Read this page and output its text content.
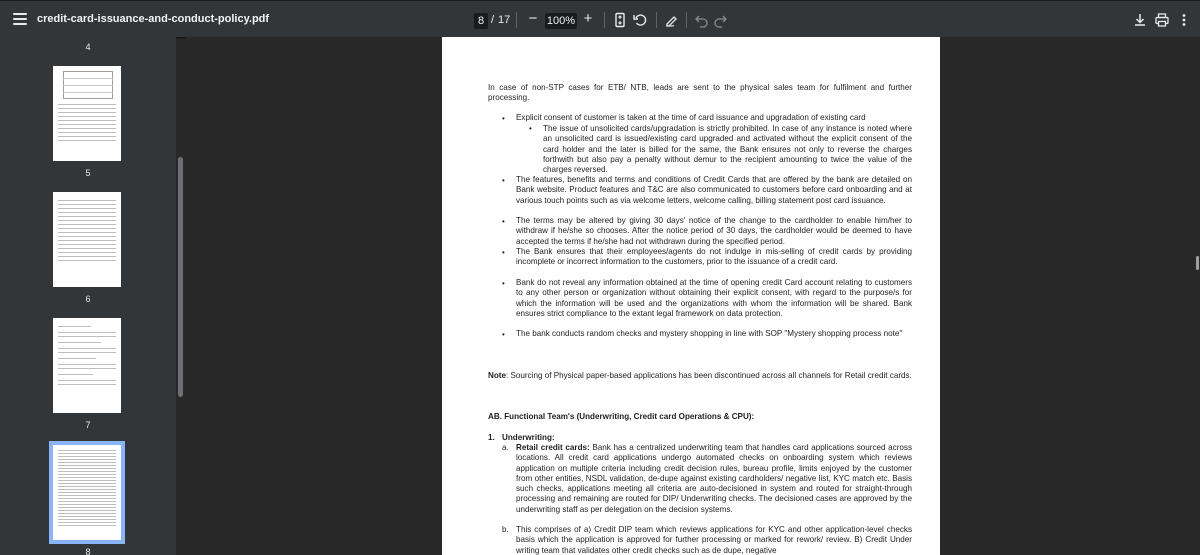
credit-card-issuance-and-conduct-policy.pdf	8 / 17 − 100% +
4
5
6
7
8
In case of non-STP cases for ETB/ NTB, leads are sent to the physical sales team for fulfilment and further processing.
• Explicit consent of customer is taken at the time of card issuance and upgradation of existing card
• The issue of unsolicited cards/upgradation is strictly prohibited. In case of any instance is noted where an unsolicited card is issued/existing card upgraded and activated without the explicit consent of the card holder and the later is billed for the same, the Bank ensures not only to reverse the charges forthwith but also pay a penalty without demur to the recipient amounting to twice the value of the charges reversed.
• The features, benefits and terms and conditions of Credit Cards that are offered by the bank are detailed on Bank website. Product features and T&C are also communicated to customers before card onboarding and at various touch points such as via welcome letters, welcome calling, billing statement post card issuance.
• The terms may be altered by giving 30 days' notice of the change to the cardholder to enable him/her to withdraw if he/she so chooses. After the notice period of 30 days, the cardholder would be deemed to have accepted the terms if he/she had not withdrawn during the specified period.
• The Bank ensures that their employees/agents do not indulge in mis-selling of credit cards by providing incomplete or incorrect information to the customers, prior to the issuance of a credit card.
• Bank do not reveal any information obtained at the time of opening credit Card account relating to customers to any other person or organization without obtaining their explicit consent, with regard to the purpose/s for which the information will be used and the organizations with whom the information will be shared. Bank ensures strict compliance to the extant legal framework on data protection.
• The bank conducts random checks and mystery shopping in line with SOP "Mystery shopping process note"
Note: Sourcing of Physical paper-based applications has been discontinued across all channels for Retail credit cards.
AB. Functional Team's (Underwriting, Credit card Operations & CPU):
1. Underwriting:
a. Retail credit cards: Bank has a centralized underwriting team that handles card applications sourced across locations. All credit card applications undergo automated checks on onboarding system which reviews application on multiple criteria including credit decision rules, bureau profile, limits enjoyed by the customer from other entities, NSDL validation, de-dupe against existing cardholders/ negative list, KYC match etc. Basis such checks, applications meeting all criteria are auto-decisioned in system and routed for straight-through processing and remaining are routed for DIP/ Underwriting checks. The decisioned cases are approved by the underwriting staff as per delegation on the decision systems.
b. This comprises of a) Credit DIP team which reviews applications for KYC and other application-level checks basis which the application is approved for further processing or marked for rework/ review. B) Credit Under writing team that validates other credit checks such as de dupe, negative
